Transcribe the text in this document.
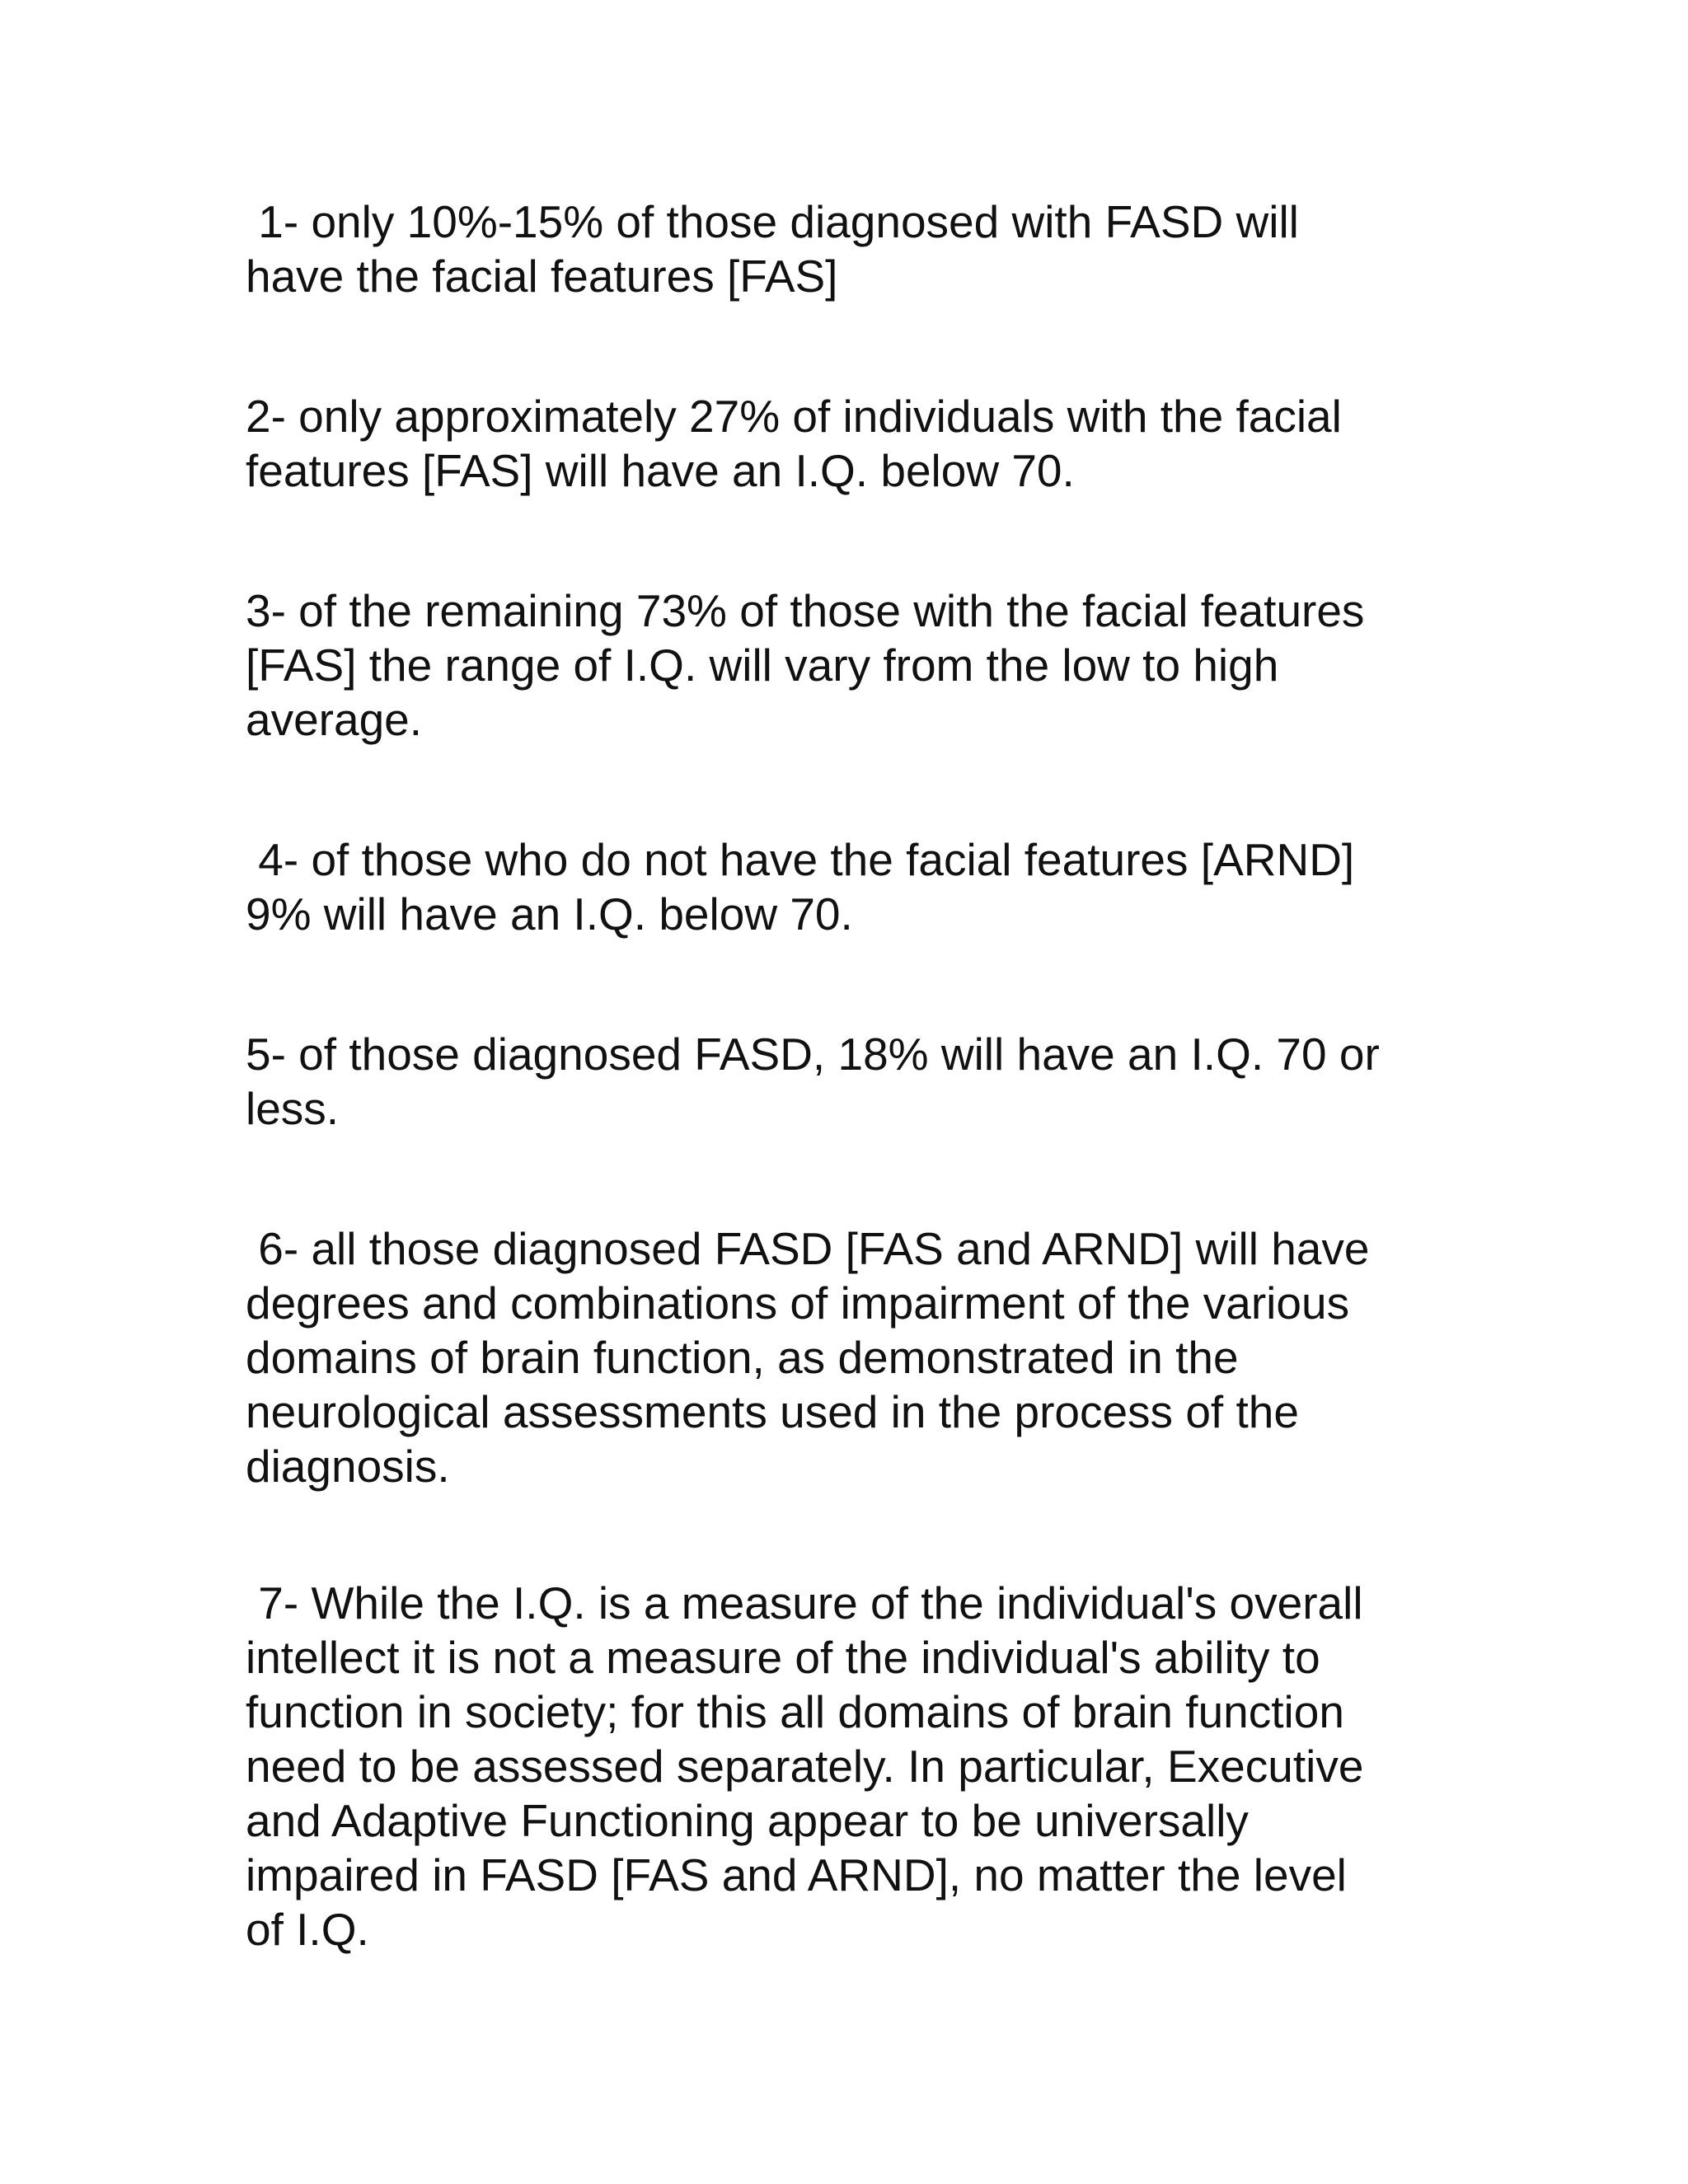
1- only 10%-15% of those diagnosed with FASD will
have the facial features [FAS]

2- only approximately 27% of individuals with the facial
features [FAS] will have an I.Q. below 70.

3- of the remaining 73% of those with the facial features
[FAS] the range of I.Q. will vary from the low to high
average.

4- of those who do not have the facial features [ARND]
9% will have an I.Q. below 70.

5- of those diagnosed FASD, 18% will have an I.Q. 70 or
less.

6- all those diagnosed FASD [FAS and ARND] will have
degrees and combinations of impairment of the various
domains of brain function, as demonstrated in the
neurological assessments used in the process of the
diagnosis.

7- While the I.Q. is a measure of the individual's overall
intellect it is not a measure of the individual's ability to
function in society; for this all domains of brain function
need to be assessed separately. In particular, Executive
and Adaptive Functioning appear to be universally
impaired in FASD [FAS and ARND], no matter the level
of I.Q.
